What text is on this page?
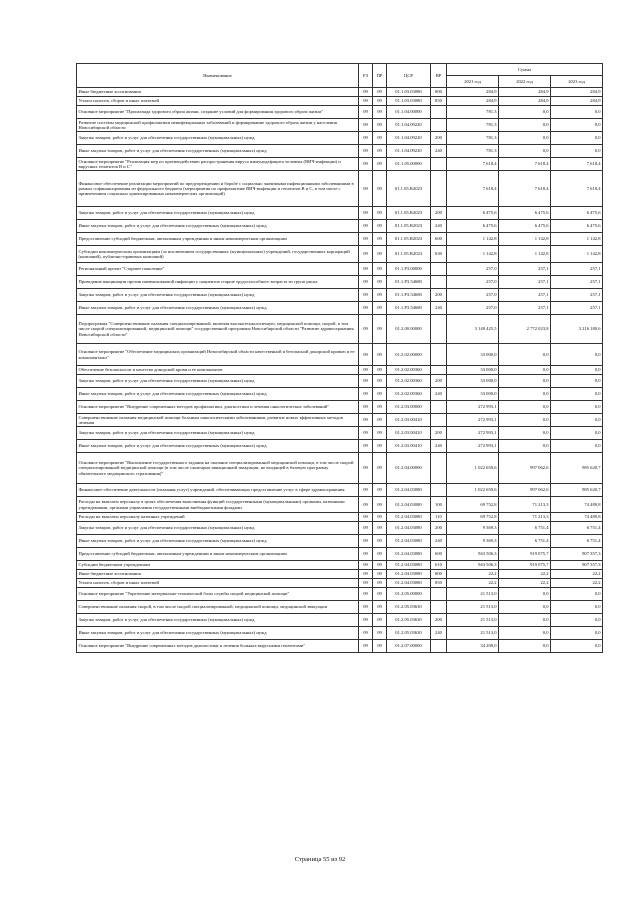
Наименование	РЗ	ПР	ЦСР	ВР	Сумма		
					2021 год	2022 год	2023 год
Иные бюджетные ассигнования	09	09	01.1.03.03080	800	284,9	284,9	284,9
Уплата налогов, сборов и иных платежей	09	09	01.1.03.03080	850	284,9	284,9	284,9
Основное мероприятие "Пропаганда здорового образа жизни, создание условий для формирования здорового образа жизни"	09	09	01.1.04.00000		781,3	0,0	0,0
Развитие системы медицинской профилактики неинфекционных заболеваний и формирование здорового образа жизни у населения Новосибирской области	09	09	01.1.04.09220		781,3	0,0	0,0
Закупка товаров, работ и услуг для обеспечения государственных (муниципальных) нужд	09	09	01.1.04.09220	200	781,3	0,0	0,0
Иные закупки товаров, работ и услуг для обеспечения государственных (муниципальных) нужд	09	09	01.1.04.09220	240	781,3	0,0	0,0
Основное мероприятие "Реализация мер по противодействию распространения вируса иммунодефицита человека (ВИЧ-инфекции) и вирусных гепатитов В и С"	09	09	01.1.05.00000		7 618,4	7 618,4	7 618,4
Финансовое обеспечение реализации мероприятий по предупреждению и борьбе с социально значимыми инфекционными заболеваниями в рамках софинансирования из федерального бюджета (мероприятия по профилактике ВИЧ-инфекции и гепатитов В и С, в том числе с привлечением социально ориентированных некоммерческих организаций)	09	09	01.1.05.R2023		7 618,4	7 618,4	7 618,4
Закупка товаров, работ и услуг для обеспечения государственных (муниципальных) нужд	09	09	01.1.05.R2023	200	6 475,6	6 475,6	6 475,6
Иные закупки товаров, работ и услуг для обеспечения государственных (муниципальных) нужд	09	09	01.1.05.R2023	240	6 475,6	6 475,6	6 475,6
Предоставление субсидий бюджетным, автономным учреждениям и иным некоммерческим организациям	09	09	01.1.05.R2023	600	1 142,8	1 142,8	1 142,8
Субсидии некоммерческим организациям (за исключением государственных (муниципальных) учреждений, государственных корпораций (компаний), публично-правовых компаний)	09	09	01.1.05.R2023	630	1 142,8	1 142,8	1 142,8
Региональный проект "Старшее поколение"	09	09	01.1.P3.00000		257,0	257,1	257,1
Проведение вакцинации против пневмококковой инфекции у пациентов старше трудоспособного возраста из групп риска	09	09	01.1.P3.54680		257,0	257,1	257,1
Закупка товаров, работ и услуг для обеспечения государственных (муниципальных) нужд	09	09	01.1.P3.54680	200	257,0	257,1	257,1
Иные закупки товаров, работ и услуг для обеспечения государственных (муниципальных) нужд	09	09	01.1.P3.54680	240	257,0	257,1	257,1
Подпрограмма "Совершенствование оказания специализированной, включая высокотехнологичную, медицинской помощи, скорой, в том числе скорой специализированной, медицинской помощи" государственной программы Новосибирской области "Развитие здравоохранения Новосибирской области"	09	09	01.2.00.00000		3 148 425,5	2 772 023,8	3 216 180,6
Основное мероприятие "Обеспечение медицинских организаций Новосибирской области качественной и безопасной донорской кровью и ее компонентами"	09	09	01.2.02.00000		33 000,0	0,0	0,0
Обеспечение безопасности и качества донорской крови и ее компонентов	09	09	01.2.02.00360		33 000,0	0,0	0,0
Закупка товаров, работ и услуг для обеспечения государственных (муниципальных) нужд	09	09	01.2.02.00360	200	33 000,0	0,0	0,0
Иные закупки товаров, работ и услуг для обеспечения государственных (муниципальных) нужд	09	09	01.2.02.00360	240	33 000,0	0,0	0,0
Основное мероприятие "Внедрение современных методов профилактики, диагностики и лечения онкологических заболеваний"	09	09	01.2.03.00000		272 993,1	0,0	0,0
Совершенствование оказания медицинской помощи больным онкологическими заболеваниями, развитие новых эффективных методов лечения	09	09	01.2.03.00410		272 993,1	0,0	0,0
Закупка товаров, работ и услуг для обеспечения государственных (муниципальных) нужд	09	09	01.2.03.00410	200	272 993,1	0,0	0,0
Иные закупки товаров, работ и услуг для обеспечения государственных (муниципальных) нужд	09	09	01.2.03.00410	240	272 993,1	0,0	0,0
Основное мероприятие "Выполнение государственного задания на оказание специализированной медицинской помощи, в том числе скорой специализированной медицинской помощи (в том числе санитарно-авиационной эвакуации, не входящей в базовую программу обязательного медицинского страхования)"	09	09	01.2.04.00000		1 022 650,6	997 062,6	985 620,7
Финансовое обеспечение деятельности (оказания услуг) учреждений, обеспечивающих предоставление услуг в сфере здравоохранения	09	09	01.2.04.03080		1 022 650,6	997 062,6	985 620,7
Расходы на выплаты персоналу в целях обеспечения выполнения функций государственными (муниципальными) органами, казенными учреждениями, органами управления государственными внебюджетными фондами	09	09	01.2.04.03080	100	69 752,8	71 213,3	74 489,8
Расходы на выплаты персоналу казенных учреждений	09	09	01.2.04.03080	110	69 752,8	71 213,3	74 489,8
Закупка товаров, работ и услуг для обеспечения государственных (муниципальных) нужд	09	09	01.2.04.03080	200	9 369,3	6 751,4	6 751,4
Иные закупки товаров, работ и услуг для обеспечения государственных (муниципальных) нужд	09	09	01.2.04.03080	240	9 369,3	6 751,4	6 751,4
Предоставление субсидий бюджетным, автономным учреждениям и иным некоммерческим организациям	09	09	01.2.04.03080	600	943 506,3	919 075,7	907 357,3
Субсидии бюджетным учреждениям	09	09	01.2.04.03080	610	943 506,3	919 075,7	907 357,3
Иные бюджетные ассигнования	09	09	01.2.04.03080	800	22,2	22,2	22,2
Уплата налогов, сборов и иных платежей	09	09	01.2.04.03080	850	22,2	22,2	22,2
Основное мероприятие "Укрепление материально-технической базы службы скорой медицинской помощи"	09	09	01.2.05.00000		21 513,0	0,0	0,0
Совершенствование оказания скорой, в том числе скорой специализированной, медицинской помощи, медицинской эвакуации	09	09	01.2.05.03630		21 513,0	0,0	0,0
Закупка товаров, работ и услуг для обеспечения государственных (муниципальных) нужд	09	09	01.2.05.03630	200	21 513,0	0,0	0,0
Иные закупки товаров, работ и услуг для обеспечения государственных (муниципальных) нужд	09	09	01.2.05.03630	240	21 513,0	0,0	0,0
Основное мероприятие "Внедрение современных методов диагностики и лечения больных вирусными гепатитами"	09	09	01.2.07.00000		34 200,0	0,0	0,0
Страница 55 из 92
